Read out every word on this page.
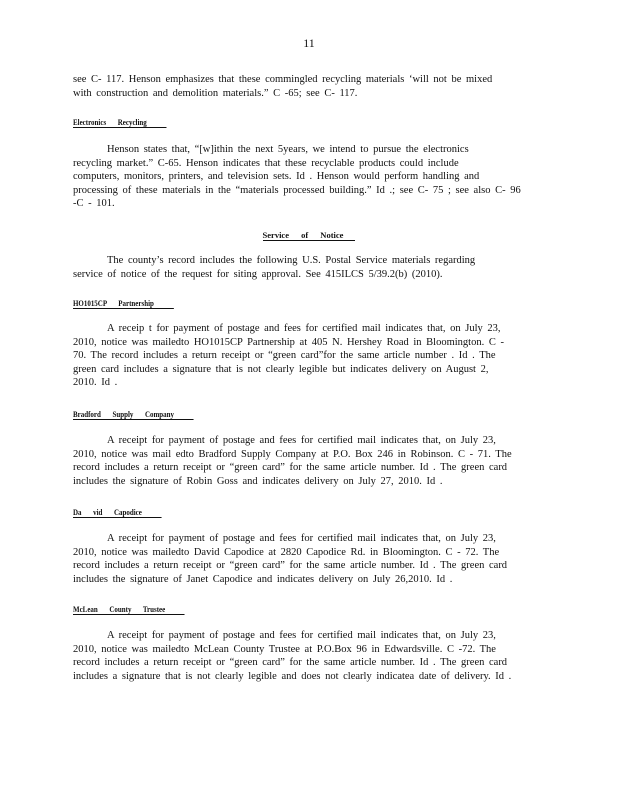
11
see C- 117. Henson emphasizes that these commingled recycling materials ‘will not be mixed
with construction and demolition materials.” C -65; see C- 117.
Electronics Recycling
Henson states that, “[w]ithin the next 5years, we intend to pursue the electronics
recycling market.” C-65. Henson indicates that these recyclable products could include
computers, monitors, printers, and television sets. Id . Henson would perform handling and
processing of these materials in the “materials processed building.” Id .; see C- 75 ; see also C- 96
-C - 101.
Service of Notice
The county’s record includes the following U.S. Postal Service materials regarding
service of notice of the request for siting approval. See 415ILCS 5/39.2(b) (2010).
HO1015CP Partnership
A receip t for payment of postage and fees for certified mail indicates that, on July 23,
2010, notice was mailedto HO1015CP Partnership at 405 N. Hershey Road in Bloomington. C -
70. The record includes a return receipt or “green card”for the same article number . Id . The
green card includes a signature that is not clearly legible but indicates delivery on August 2,
2010. Id .
Bradford Supply Company
A receipt for payment of postage and fees for certified mail indicates that, on July 23,
2010, notice was mail edto Bradford Supply Company at P.O. Box 246 in Robinson. C - 71. The
record includes a return receipt or “green card” for the same article number. Id . The green card
includes the signature of Robin Goss and indicates delivery on July 27, 2010. Id .
Da vid Capodice
A receipt for payment of postage and fees for certified mail indicates that, on July 23,
2010, notice was mailedto David Capodice at 2820 Capodice Rd. in Bloomington. C - 72. The
record includes a return receipt or “green card” for the same article number. Id . The green card
includes the signature of Janet Capodice and indicates delivery on July 26,2010. Id .
McLean County Trustee
A receipt for payment of postage and fees for certified mail indicates that, on July 23,
2010, notice was mailedto McLean County Trustee at P.O.Box 96 in Edwardsville. C -72. The
record includes a return receipt or “green card” for the same article number. Id . The green card
includes a signature that is not clearly legible and does not clearly indicatea date of delivery. Id .
